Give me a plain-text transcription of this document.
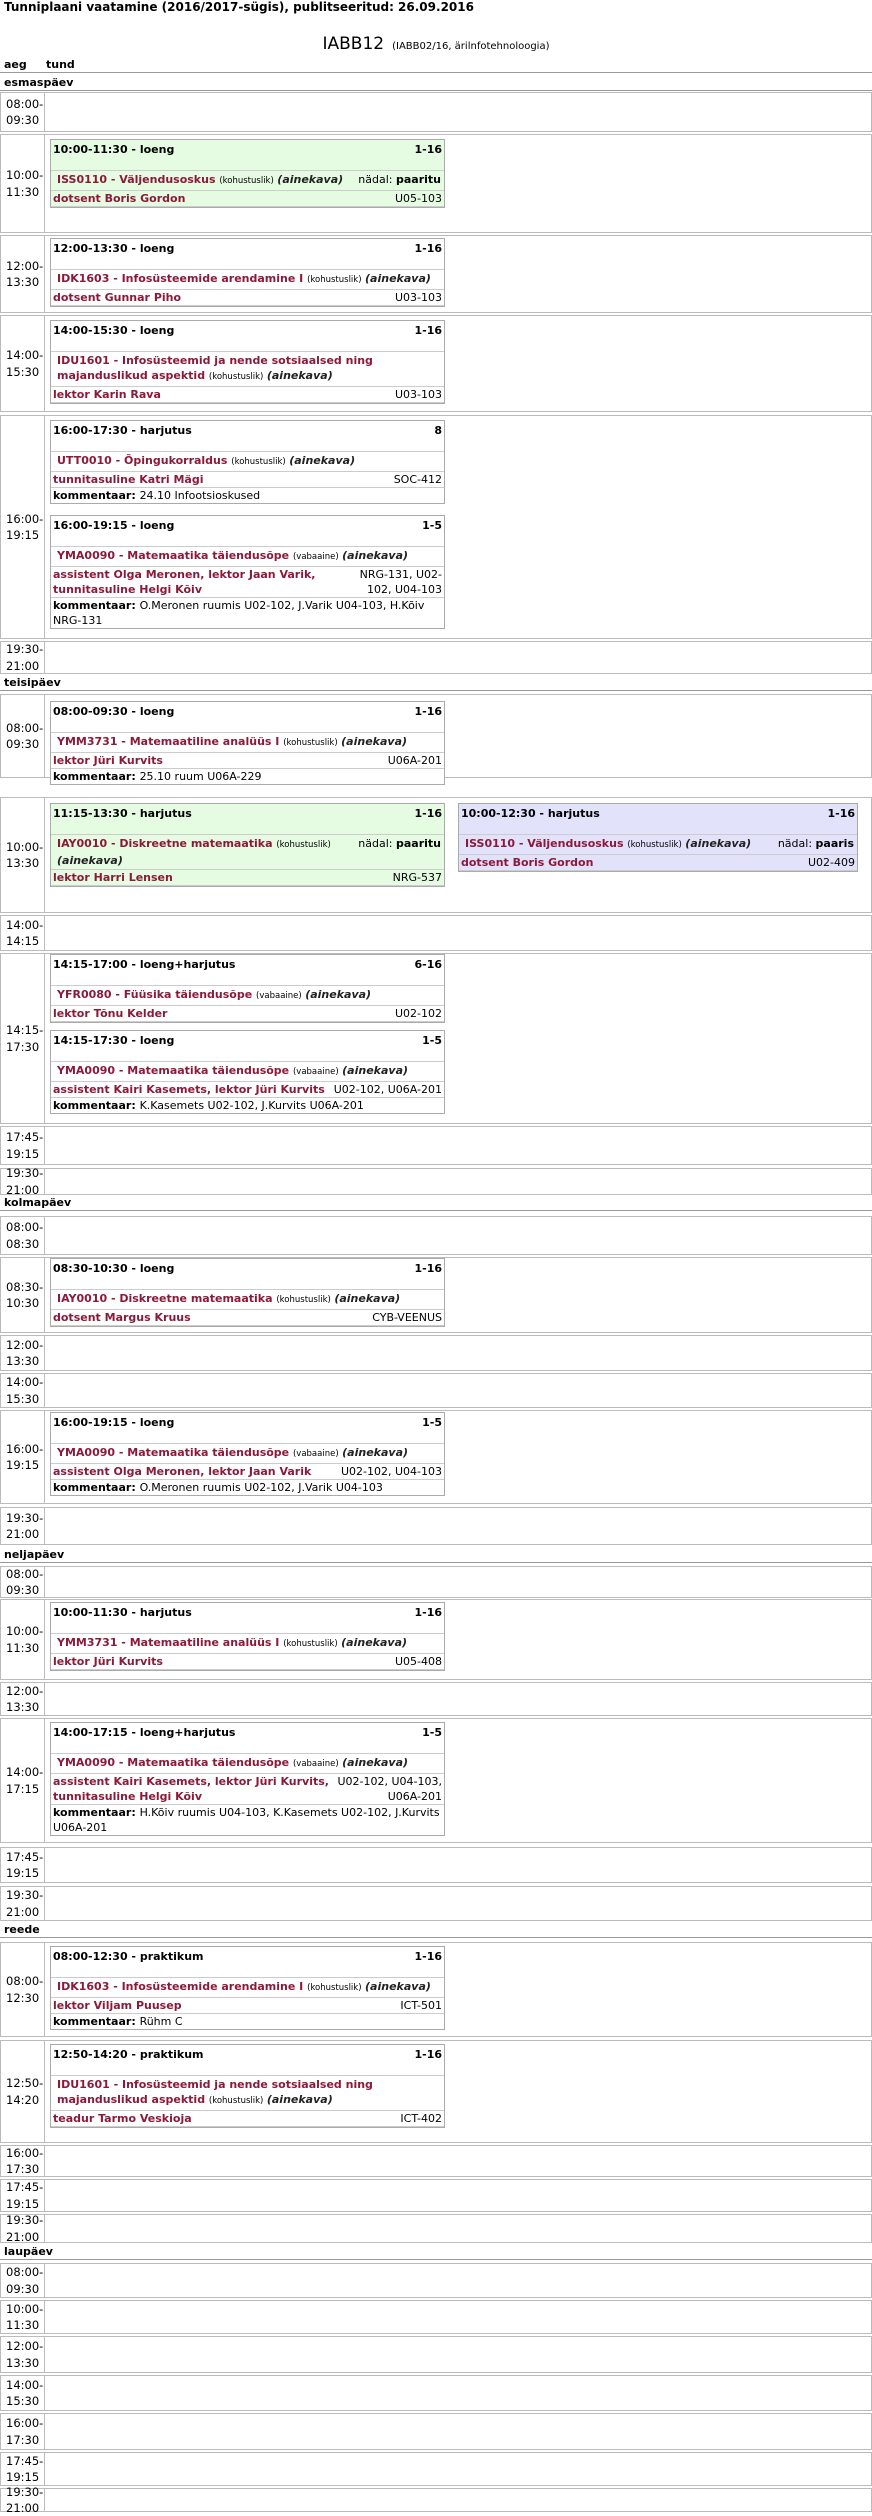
Tunniplaani vaatamine (2016/2017-sügis), publitseeritud: 26.09.2016
IABB12 (IABB02/16, ärilnfotehnoloogia)
aeg tund
esmaspäev
08:00-
09:30
10:00-
11:30
10:00-11:30 - loeng	1-16
ISS0110 - Väljendusoskus (kohustuslik) (ainekava)	nädal: paaritu
dotsent Boris Gordon	U05-103
12:00-
13:30
12:00-13:30 - loeng	1-16
IDK1603 - Infosüsteemide arendamine I (kohustuslik) (ainekava)
dotsent Gunnar Piho	U03-103
14:00-
15:30
14:00-15:30 - loeng	1-16
IDU1601 - Infosüsteemid ja nende sotsiaalsed ning majanduslikud aspektid (kohustuslik) (ainekava)
lektor Karin Rava	U03-103
16:00-
19:15
16:00-17:30 - harjutus	8
UTT0010 - Õpingukorraldus (kohustuslik) (ainekava)
tunnitasuline Katri Mägi	SOC-412
kommentaar: 24.10 Infootsioskused
16:00-19:15 - loeng	1-5
YMA0090 - Matemaatika täiendusõpe (vabaaine) (ainekava)
assistent Olga Meronen, lektor Jaan Varik, tunnitasuline Helgi Kõiv
NRG-131, U02-102, U04-103
kommentaar: O.Meronen ruumis U02-102, J.Varik U04-103, H.Kõiv NRG-131
19:30-
21:00
teisipäev
08:00-
09:30
08:00-09:30 - loeng	1-16
YMM3731 - Matemaatiline analüüs I (kohustuslik) (ainekava)
lektor Jüri Kurvits	U06A-201
kommentaar: 25.10 ruum U06A-229
10:00-
13:30
11:15-13:30 - harjutus	1-16
IAY0010 - Diskreetne matemaatika (kohustuslik) (ainekava)
nädal: paaritu
lektor Harri Lensen	NRG-537
10:00-12:30 - harjutus	1-16
ISS0110 - Väljendusoskus (kohustuslik) (ainekava)	nädal: paaris
dotsent Boris Gordon	U02-409
14:00-
14:15
14:15-
17:30
14:15-17:00 - loeng+harjutus	6-16
YFR0080 - Füüsika täiendusõpe (vabaaine) (ainekava)
lektor Tõnu Kelder	U02-102
14:15-17:30 - loeng	1-5
YMA0090 - Matemaatika täiendusõpe (vabaaine) (ainekava)
assistent Kairi Kasemets, lektor Jüri Kurvits U02-102, U06A-201
kommentaar: K.Kasemets U02-102, J.Kurvits U06A-201
17:45-
19:15
19:30-
21:00
kolmapäev
08:00-
08:30
08:30-
10:30
08:30-10:30 - loeng	1-16
IAY0010 - Diskreetne matemaatika (kohustuslik) (ainekava)
dotsent Margus Kruus	CYB-VEENUS
12:00-
13:30
14:00-
15:30
16:00-
19:15
16:00-19:15 - loeng	1-5
YMA0090 - Matemaatika täiendusõpe (vabaaine) (ainekava)
assistent Olga Meronen, lektor Jaan Varik	U02-102, U04-103
kommentaar: O.Meronen ruumis U02-102, J.Varik U04-103
19:30-
21:00
neljapäev
08:00-
09:30
10:00-
11:30
10:00-11:30 - harjutus	1-16
YMM3731 - Matemaatiline analüüs I (kohustuslik) (ainekava)
lektor Jüri Kurvits	U05-408
12:00-
13:30
14:00-
17:15
14:00-17:15 - loeng+harjutus	1-5
YMA0090 - Matemaatika täiendusõpe (vabaaine) (ainekava)
assistent Kairi Kasemets, lektor Jüri Kurvits, tunnitasuline Helgi Kõiv
U02-102, U04-103, U06A-201
kommentaar: H.Kõiv ruumis U04-103, K.Kasemets U02-102, J.Kurvits U06A-201
17:45-
19:15
19:30-
21:00
reede
08:00-
12:30
08:00-12:30 - praktikum	1-16
IDK1603 - Infosüsteemide arendamine I (kohustuslik) (ainekava)
lektor Viljam Puusep	ICT-501
kommentaar: Rühm C
12:50-
14:20
12:50-14:20 - praktikum	1-16
IDU1601 - Infosüsteemid ja nende sotsiaalsed ning majanduslikud aspektid (kohustuslik) (ainekava)
teadur Tarmo Veskioja	ICT-402
16:00-
17:30
17:45-
19:15
19:30-
21:00
laupäev
08:00-
09:30
10:00-
11:30
12:00-
13:30
14:00-
15:30
16:00-
17:30
17:45-
19:15
19:30-
21:00
